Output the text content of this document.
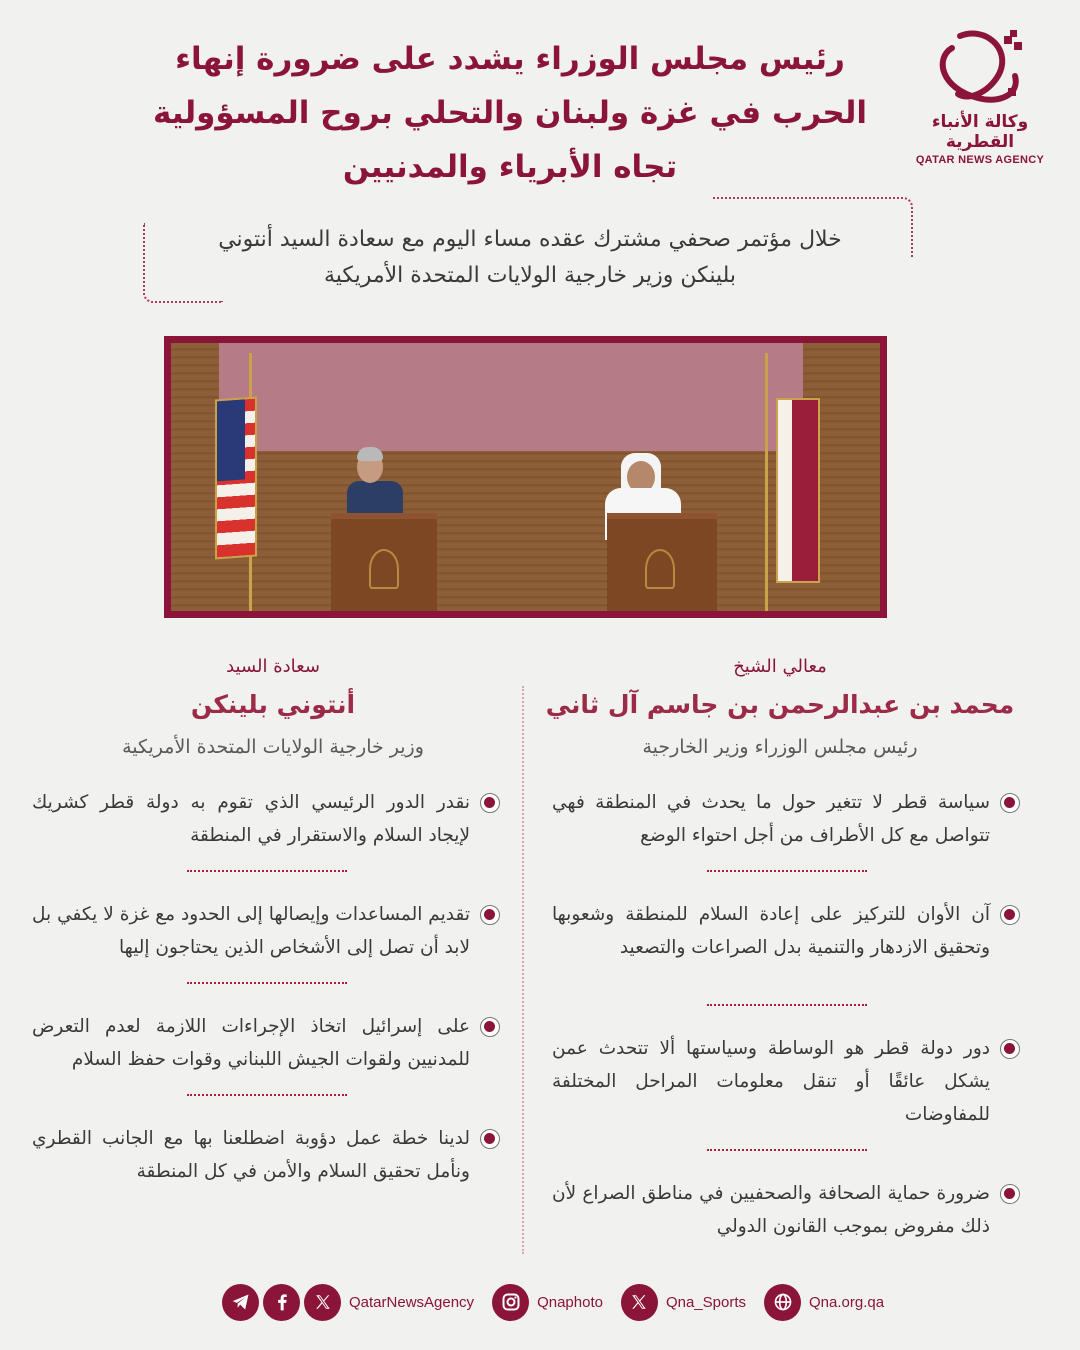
وكالة الأنباء القطرية
QATAR NEWS AGENCY
رئيس مجلس الوزراء يشدد على ضرورة إنهاء
الحرب في غزة ولبنان والتحلي بروح المسؤولية
تجاه الأبرياء والمدنيين
خلال مؤتمر صحفي مشترك عقده مساء اليوم مع سعادة السيد أنتوني
بلينكن وزير خارجية الولايات المتحدة الأمريكية
معالي الشيخ
محمد بن عبدالرحمن بن جاسم آل ثاني
رئيس مجلس الوزراء وزير الخارجية
سعادة السيد
أنتوني بلينكن
وزير خارجية الولايات المتحدة الأمريكية
سياسة قطر لا تتغير حول ما يحدث في المنطقة فهي تتواصل مع كل الأطراف من أجل احتواء الوضع
آن الأوان للتركيز على إعادة السلام للمنطقة وشعوبها وتحقيق الازدهار والتنمية بدل الصراعات والتصعيد
دور دولة قطر هو الوساطة وسياستها ألا تتحدث عمن يشكل عائقًا أو تنقل معلومات المراحل المختلفة للمفاوضات
ضرورة حماية الصحافة والصحفيين في مناطق الصراع لأن ذلك مفروض بموجب القانون الدولي
نقدر الدور الرئيسي الذي تقوم به دولة قطر كشريك لإيجاد السلام والاستقرار في المنطقة
تقديم المساعدات وإيصالها إلى الحدود مع غزة لا يكفي بل لابد أن تصل إلى الأشخاص الذين يحتاجون إليها
على إسرائيل اتخاذ الإجراءات اللازمة لعدم التعرض للمدنيين ولقوات الجيش اللبناني وقوات حفظ السلام
لدينا خطة عمل دؤوبة اضطلعنا بها مع الجانب القطري ونأمل تحقيق السلام والأمن في كل المنطقة
QatarNewsAgency	Qnaphoto	Qna_Sports	Qna.org.qa
